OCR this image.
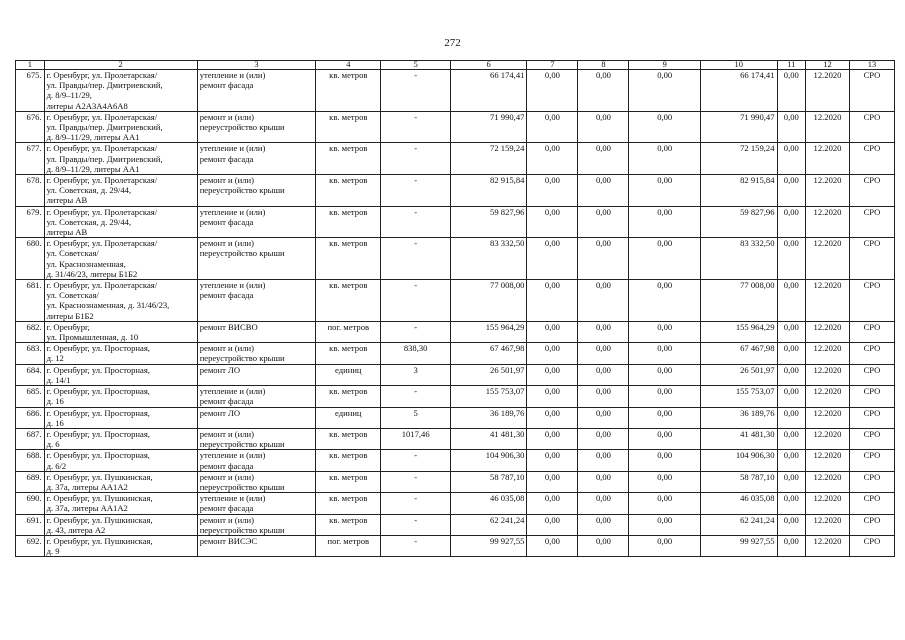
272
1	2	3	4	5	6	7	8	9	10	11	12	13
675.	г. Оренбург, ул. Пролетарская/
ул. Правды/пер. Дмитриевский,
д. 8/9–11/29,
литеры А2А3А4А6А8	утепление и (или)
ремонт фасада	кв. метров	-	66 174,41	0,00	0,00	0,00	66 174,41	0,00	12.2020	СРО
676.	г. Оренбург, ул. Пролетарская/
ул. Правды/пер. Дмитриевский,
д. 8/9–11/29, литеры АА1	ремонт и (или)
переустройство крыши	кв. метров	-	71 990,47	0,00	0,00	0,00	71 990,47	0,00	12.2020	СРО
677.	г. Оренбург, ул. Пролетарская/
ул. Правды/пер. Дмитриевский,
д. 8/9–11/29, литеры АА1	утепление и (или)
ремонт фасада	кв. метров	-	72 159,24	0,00	0,00	0,00	72 159,24	0,00	12.2020	СРО
678.	г. Оренбург, ул. Пролетарская/
ул. Советская, д. 29/44,
литеры АВ	ремонт и (или)
переустройство крыши	кв. метров	-	82 915,84	0,00	0,00	0,00	82 915,84	0,00	12.2020	СРО
679.	г. Оренбург, ул. Пролетарская/
ул. Советская, д. 29/44,
литеры АВ	утепление и (или)
ремонт фасада	кв. метров	-	59 827,96	0,00	0,00	0,00	59 827,96	0,00	12.2020	СРО
680.	г. Оренбург, ул. Пролетарская/
ул. Советская/
ул. Краснознаменная,
д. 31/46/23, литеры Б1Б2	ремонт и (или)
переустройство крыши	кв. метров	-	83 332,50	0,00	0,00	0,00	83 332,50	0,00	12.2020	СРО
681.	г. Оренбург, ул. Пролетарская/
ул. Советская/
ул. Краснознаменная, д. 31/46/23,
литеры Б1Б2	утепление и (или)
ремонт фасада	кв. метров	-	77 008,00	0,00	0,00	0,00	77 008,00	0,00	12.2020	СРО
682.	г. Оренбург,
ул. Промышленная, д. 10	ремонт ВИСВО	пог. метров	-	155 964,29	0,00	0,00	0,00	155 964,29	0,00	12.2020	СРО
683.	г. Оренбург, ул. Просторная,
д. 12	ремонт и (или)
переустройство крыши	кв. метров	838,30	67 467,98	0,00	0,00	0,00	67 467,98	0,00	12.2020	СРО
684.	г. Оренбург, ул. Просторная,
д. 14/1	ремонт ЛО	единиц	3	26 501,97	0,00	0,00	0,00	26 501,97	0,00	12.2020	СРО
685.	г. Оренбург, ул. Просторная,
д. 16	утепление и (или)
ремонт фасада	кв. метров	-	155 753,07	0,00	0,00	0,00	155 753,07	0,00	12.2020	СРО
686.	г. Оренбург, ул. Просторная,
д. 16	ремонт ЛО	единиц	5	36 189,76	0,00	0,00	0,00	36 189,76	0,00	12.2020	СРО
687.	г. Оренбург, ул. Просторная,
д. 6	ремонт и (или)
переустройство крыши	кв. метров	1017,46	41 481,30	0,00	0,00	0,00	41 481,30	0,00	12.2020	СРО
688.	г. Оренбург, ул. Просторная,
д. 6/2	утепление и (или)
ремонт фасада	кв. метров	-	104 906,30	0,00	0,00	0,00	104 906,30	0,00	12.2020	СРО
689.	г. Оренбург, ул. Пушкинская,
д. 37а, литеры АА1А2	ремонт и (или)
переустройство крыши	кв. метров	-	58 787,10	0,00	0,00	0,00	58 787,10	0,00	12.2020	СРО
690.	г. Оренбург, ул. Пушкинская,
д. 37а, литеры АА1А2	утепление и (или)
ремонт фасада	кв. метров	-	46 035,08	0,00	0,00	0,00	46 035,08	0,00	12.2020	СРО
691.	г. Оренбург, ул. Пушкинская,
д. 43, литера А2	ремонт и (или)
переустройство крыши	кв. метров	-	62 241,24	0,00	0,00	0,00	62 241,24	0,00	12.2020	СРО
692.	г. Оренбург, ул. Пушкинская,
д. 9	ремонт ВИСЭС	пог. метров	-	99 927,55	0,00	0,00	0,00	99 927,55	0,00	12.2020	СРО
